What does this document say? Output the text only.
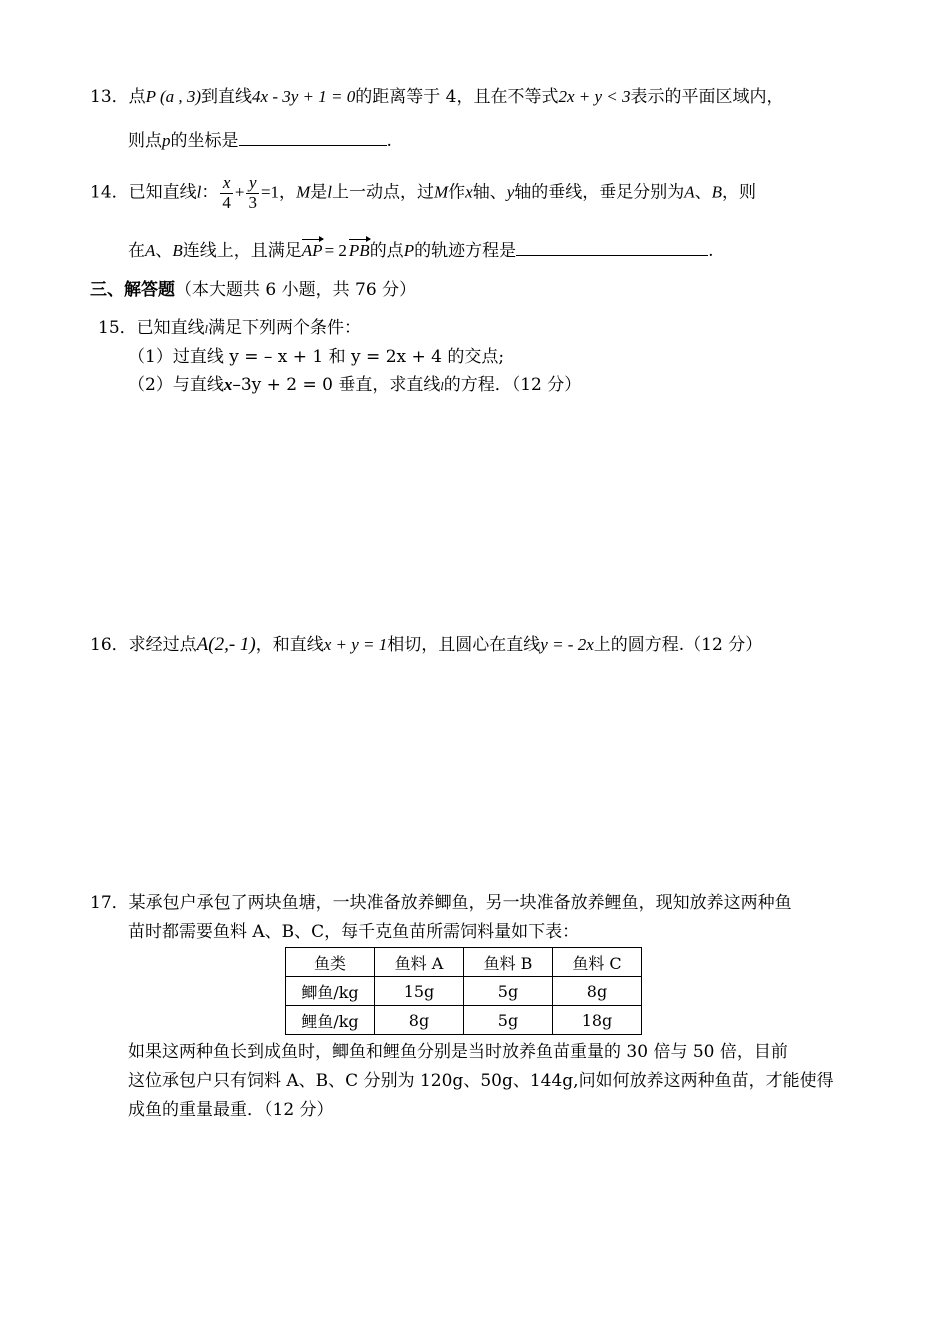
13．点P (a , 3)到直线4x - 3y + 1 = 0的距离等于 4，且在不等式2x + y < 3表示的平面区域内，
则点p的坐标是	.
14．已知直线l： $\frac{x}{4} + \frac{y}{3} =1$，M是l上一动点，过M作x轴、y轴的垂线，垂足分别为A、B，则
在A、B连线上，且满足AP = 2 PB的点P的轨迹方程是	.
三、解答题（本大题共 6 小题，共 76 分）
15．已知直线l满足下列两个条件：
（1）过直线 y = – x + 1 和 y = 2x + 4 的交点;
（2）与直线x–3y + 2 = 0 垂直，求直线l的方程．（12 分）
16．求经过点A(2,- 1)，和直线x + y = 1相切，且圆心在直线y = - 2x上的圆方程.（12 分）
17．某承包户承包了两块鱼塘，一块准备放养鲫鱼，另一块准备放养鲤鱼，现知放养这两种鱼
苗时都需要鱼料 A、B、C，每千克鱼苗所需饲料量如下表：
鱼类	鱼料 A	鱼料 B	鱼料 C
鲫鱼/kg	15g	5g	8g
鲤鱼/kg	8g	5g	18g
如果这两种鱼长到成鱼时，鲫鱼和鲤鱼分别是当时放养鱼苗重量的 30 倍与 50 倍，目前
这位承包户只有饲料 A、B、C 分别为 120g、50g、144g,问如何放养这两种鱼苗，才能使得
成鱼的重量最重．（12 分）
